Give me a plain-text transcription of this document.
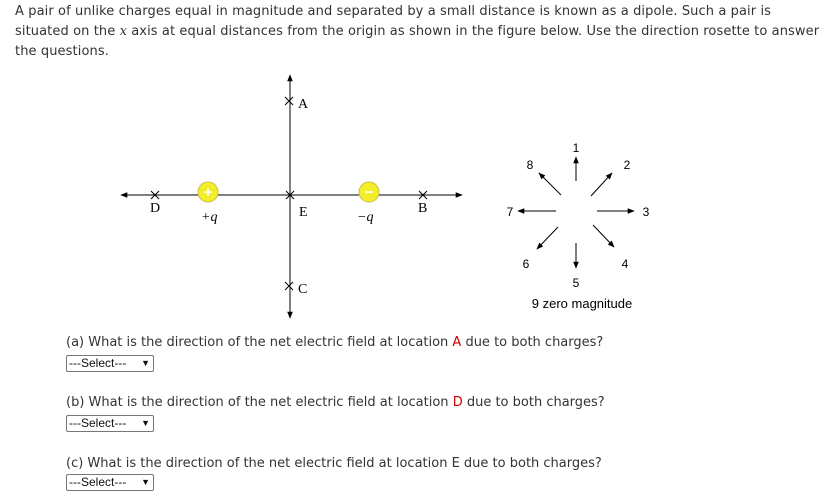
A pair of unlike charges equal in magnitude and separated by a small distance is known as a dipole. Such a pair is situated on the x axis at equal distances from the origin as shown in the figure below. Use the direction rosette to answer the questions.
A
E
C
D	B
+
+q
−
−q
1
2
3
4
5
6
7
8
9 zero magnitude
(a) What is the direction of the net electric field at location A due to both charges?
---Select--- ▼
(b) What is the direction of the net electric field at location D due to both charges?
---Select--- ▼
(c) What is the direction of the net electric field at location E due to both charges?
---Select--- ▼
